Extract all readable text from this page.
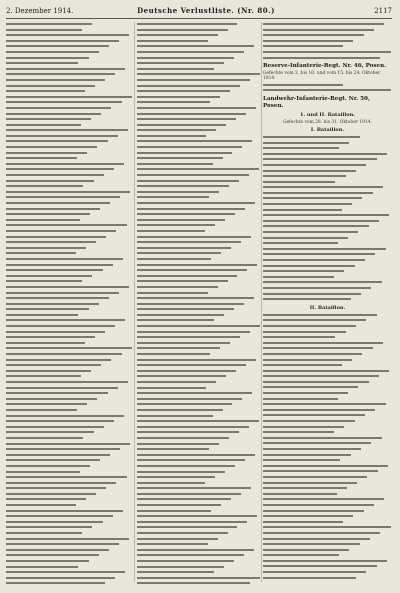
2. Dezember 1914.	Deutsche Verlustliste. (Nr. 80.)	2117
Reserve-Infanterie-Regt. Nr. 46, Posen.
Gefechte vom 2. bis 10. und vom 15. bis 24. Oktober 1914.
Landwehr-Infanterie-Regt. Nr. 50, Posen.
1. und II. Bataillon.
Gefechte vom 28. bis 31. Oktober 1914.
I. Bataillon.
II. Bataillon.
